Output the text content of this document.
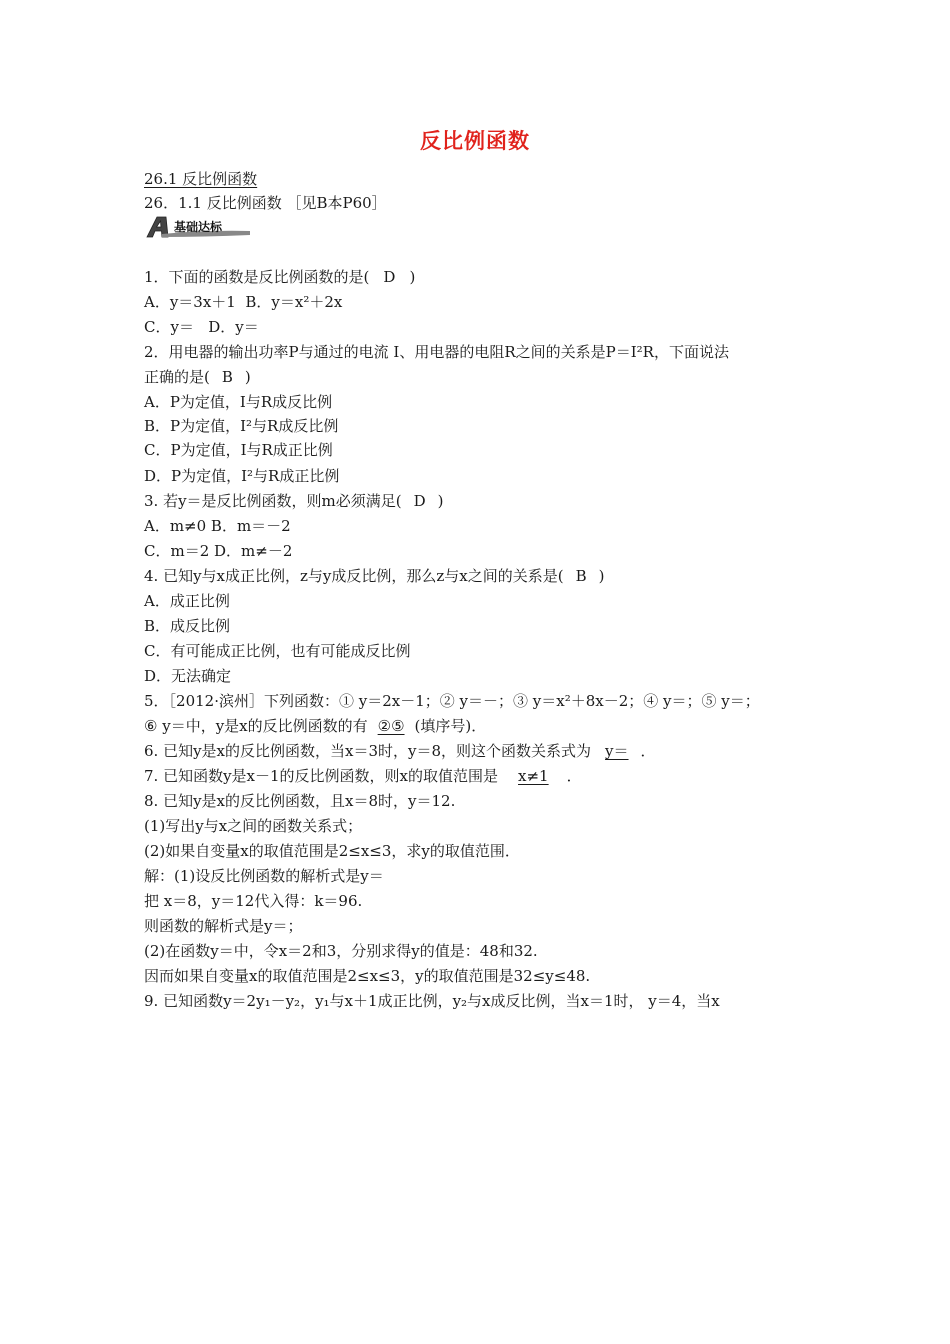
反比例函数
26.1 反比例函数
26．1.1 反比例函数 ［见B本P60］
基础达标
1．下面的函数是反比例函数的是( D )
A．y＝3x＋1 B．y＝x²＋2x
C．y＝ D．y＝
2．用电器的输出功率P与通过的电流 I、用电器的电阻R之间的关系是P＝I²R，下面说法
正确的是( B )
A．P为定值，I与R成反比例
B．P为定值，I²与R成反比例
C．P为定值，I与R成正比例
D．P为定值，I²与R成正比例
3. 若y＝是反比例函数，则m必须满足( D )
A．m≠0 B．m＝－2
C．m＝2 D．m≠－2
4. 已知y与x成正比例，z与y成反比例，那么z与x之间的关系是( B )
A．成正比例
B．成反比例
C．有可能成正比例，也有可能成反比例
D．无法确定
5．［2012·滨州］下列函数：① y＝2x－1；② y＝－；③ y＝x²＋8x－2；④ y＝；⑤ y＝；
⑥ y＝中，y是x的反比例函数的有 ②⑤ (填序号)．
6. 已知y是x的反比例函数，当x＝3时，y＝8，则这个函数关系式为 y＝ ．
7. 已知函数y是x－1的反比例函数，则x的取值范围是 x≠1 ．
8. 已知y是x的反比例函数，且x＝8时，y＝12.
(1)写出y与x之间的函数关系式；
(2)如果自变量x的取值范围是2≤x≤3，求y的取值范围．
解：(1)设反比例函数的解析式是y＝
把 x＝8，y＝12代入得：k＝96.
则函数的解析式是y＝；
(2)在函数y＝中，令x＝2和3，分别求得y的值是：48和32.
因而如果自变量x的取值范围是2≤x≤3，y的取值范围是32≤y≤48.
9. 已知函数y＝2y₁－y₂，y₁与x＋1成正比例，y₂与x成反比例，当x＝1时， y＝4，当x
